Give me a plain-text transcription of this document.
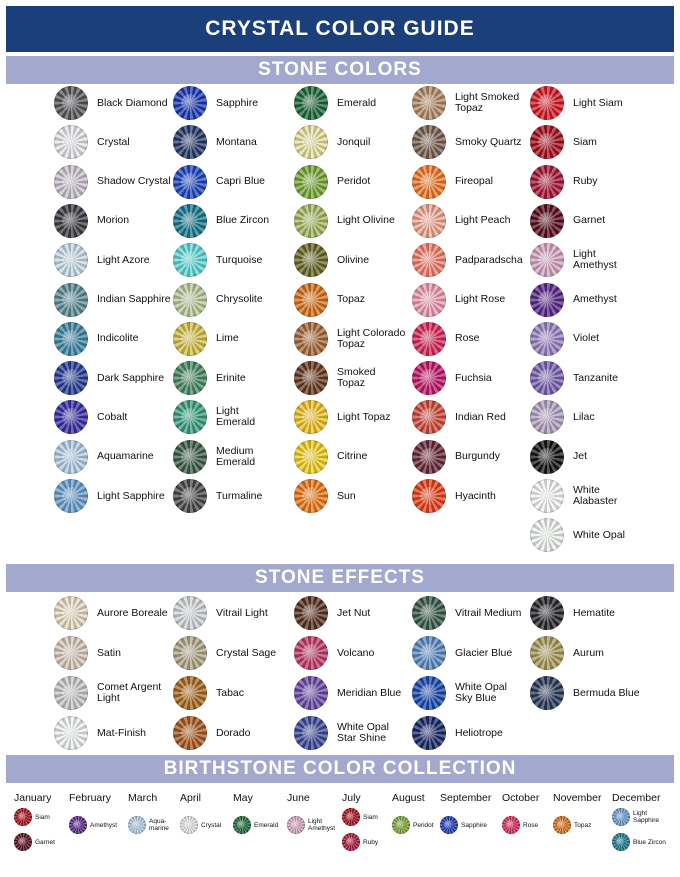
CRYSTAL COLOR GUIDE
STONE COLORS
STONE EFFECTS
BIRTHSTONE COLOR COLLECTION
Black Diamond
Crystal
Shadow Crystal
Morion
Light Azore
Indian Sapphire
Indicolite
Dark Sapphire
Cobalt
Aquamarine
Light Sapphire
Sapphire
Montana
Capri Blue
Blue Zircon
Turquoise
Chrysolite
Lime
Erinite
Light
Emerald
Medium
Emerald
Turmaline
Emerald
Jonquil
Peridot
Light Olivine
Olivine
Topaz
Light Colorado
Topaz
Smoked
Topaz
Light Topaz
Citrine
Sun
Light Smoked
Topaz
Smoky Quartz
Fireopal
Light Peach
Padparadscha
Light Rose
Rose
Fuchsia
Indian Red
Burgundy
Hyacinth
Light Siam
Siam
Ruby
Garnet
Light
Amethyst
Amethyst
Violet
Tanzanite
Lilac
Jet
White
Alabaster
White Opal
Aurore Boreale
Satin
Comet Argent
Light
Mat-Finish
Vitrail Light
Crystal Sage
Tabac
Dorado
Jet Nut
Volcano
Meridian Blue
White Opal
Star Shine
Vitrail Medium
Glacier Blue
White Opal
Sky Blue
Heliotrope
Hematite
Aurum
Bermuda Blue
January
Siam
Garnet
February
Amethyst
March
Aqua-
marine
April
Crystal
May
Emerald
June
Light
Amethyst
July
Siam
Ruby
August
Peridot
September
Sapphire
October
Rose
November
Topaz
December
Light
Sapphire
Blue Zircon
